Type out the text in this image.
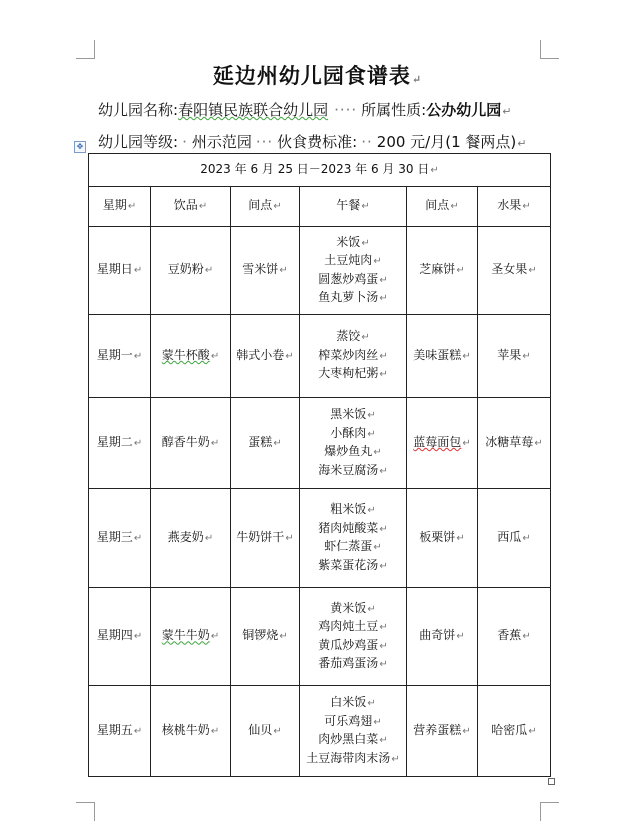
延边州幼儿园食谱表↵
幼儿园名称:春阳镇民族联合幼儿园 ···· 所属性质:公办幼儿园↵
幼儿园等级: · 州示范园 ··· 伙食费标准: ·· 200 元/月(1 餐两点)↵
✥
2023 年 6 月 25 日－2023 年 6 月 30 日↵					
星期↵	饮品↵	间点↵	午餐↵	间点↵	水果↵
星期日↵	豆奶粉↵	雪米饼↵	米饭↵
土豆炖肉↵
圆葱炒鸡蛋↵
鱼丸萝卜汤↵	芝麻饼↵	圣女果↵
星期一↵	蒙牛杯酸↵	韩式小卷↵	蒸饺↵
榨菜炒肉丝↵
大枣枸杞粥↵	美味蛋糕↵	苹果↵
星期二↵	醇香牛奶↵	蛋糕↵	黑米饭↵
小酥肉↵
爆炒鱼丸↵
海米豆腐汤↵	蓝莓面包↵	冰糖草莓↵
星期三↵	燕麦奶↵	牛奶饼干↵	粗米饭↵
猪肉炖酸菜↵
虾仁蒸蛋↵
紫菜蛋花汤↵	板栗饼↵	西瓜↵
星期四↵	蒙牛牛奶↵	铜锣烧↵	黄米饭↵
鸡肉炖土豆↵
黄瓜炒鸡蛋↵
番茄鸡蛋汤↵	曲奇饼↵	香蕉↵
星期五↵	核桃牛奶↵	仙贝↵	白米饭↵
可乐鸡翅↵
肉炒黑白菜↵
土豆海带肉末汤↵	营养蛋糕↵	哈密瓜↵
